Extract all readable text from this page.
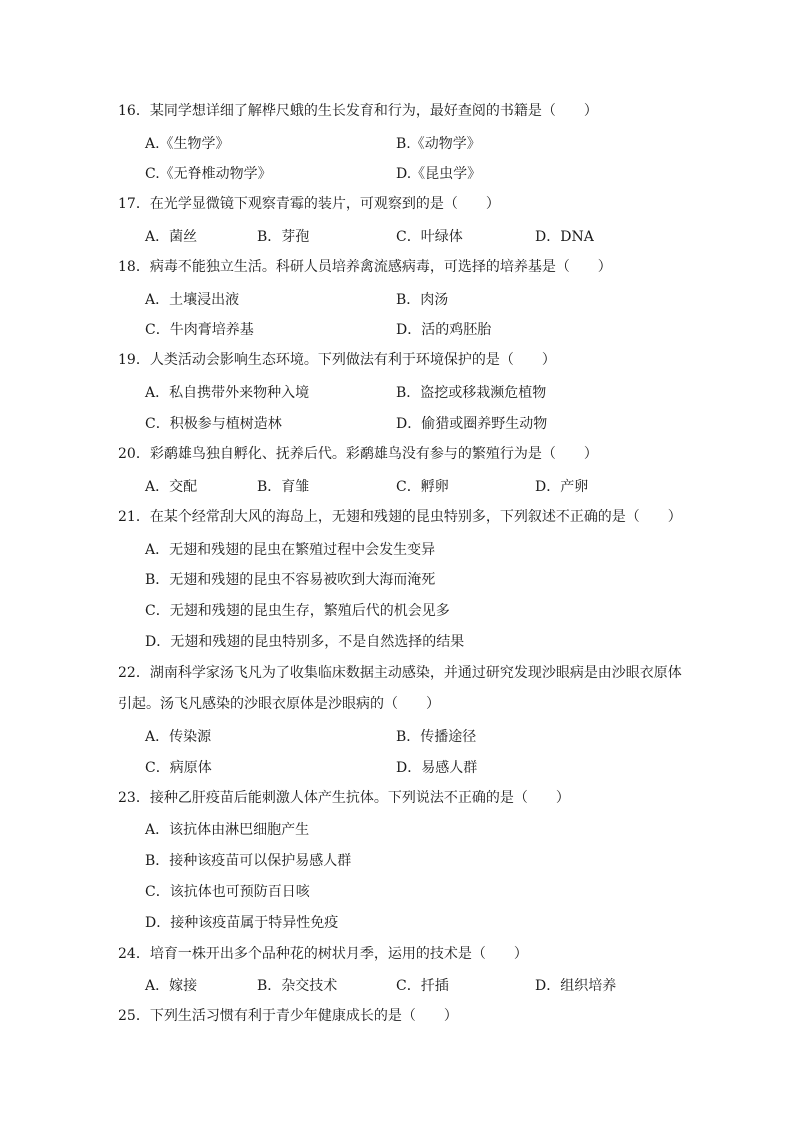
16．某同学想详细了解桦尺蛾的生长发育和行为，最好查阅的书籍是（　　）
A.《生物学》	B.《动物学》
C.《无脊椎动物学》	D.《昆虫学》
17．在光学显微镜下观察青霉的装片，可观察到的是（　　）
A．菌丝	B．芽孢	C．叶绿体	D．DNA
18．病毒不能独立生活。科研人员培养禽流感病毒，可选择的培养基是（　　）
A．土壤浸出液	B．肉汤
C．牛肉膏培养基	D．活的鸡胚胎
19．人类活动会影响生态环境。下列做法有利于环境保护的是（　　）
A．私自携带外来物种入境	B．盗挖或移栽濒危植物
C．积极参与植树造林	D．偷猎或圈养野生动物
20．彩鹬雄鸟独自孵化、抚养后代。彩鹬雄鸟没有参与的繁殖行为是（　　）
A．交配	B．育雏	C．孵卵	D．产卵
21．在某个经常刮大风的海岛上，无翅和残翅的昆虫特别多，下列叙述不正确的是（　　）
A．无翅和残翅的昆虫在繁殖过程中会发生变异
B．无翅和残翅的昆虫不容易被吹到大海而淹死
C．无翅和残翅的昆虫生存，繁殖后代的机会见多
D．无翅和残翅的昆虫特别多，不是自然选择的结果
22．湖南科学家汤飞凡为了收集临床数据主动感染，并通过研究发现沙眼病是由沙眼衣原体
引起。汤飞凡感染的沙眼衣原体是沙眼病的（　　）
A．传染源	B．传播途径
C．病原体	D．易感人群
23．接种乙肝疫苗后能刺激人体产生抗体。下列说法不正确的是（　　）
A．该抗体由淋巴细胞产生
B．接种该疫苗可以保护易感人群
C．该抗体也可预防百日咳
D．接种该疫苗属于特异性免疫
24．培育一株开出多个品种花的树状月季，运用的技术是（　　）
A．嫁接	B．杂交技术	C．扦插	D．组织培养
25．下列生活习惯有利于青少年健康成长的是（　　）
